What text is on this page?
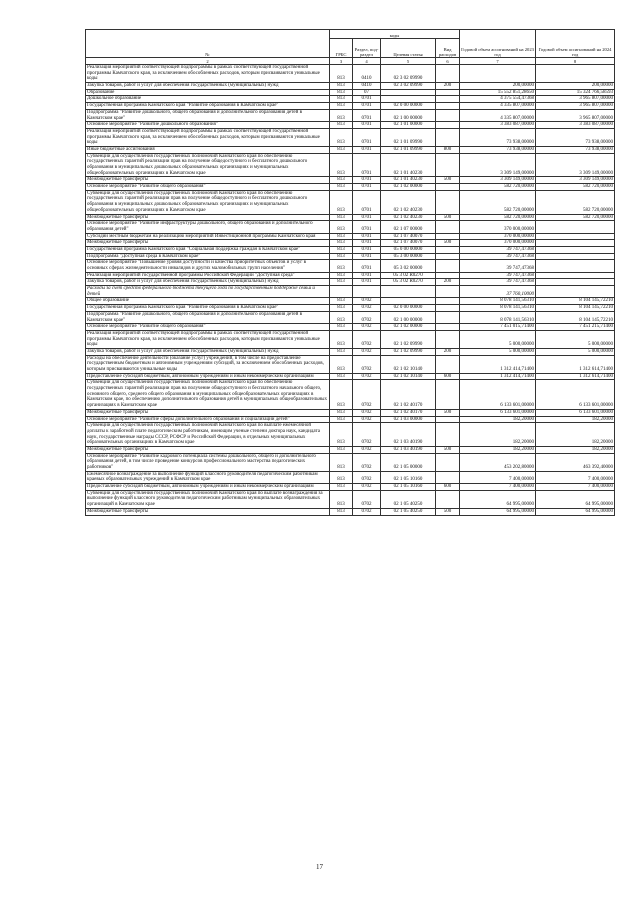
№	коды				Годовой объем ассигнований на 2023 год	Годовой объем ассигнований на 2024 год
	ГРБС	Раздел, под-раздел	Целевая статья	Вид расходов		
2	3	4	5	6	7	8
Реализация мероприятий соответствующей подпрограммы в рамках соответствующей государственной программы Камчатского края, за исключением обособленных расходов, которым присваиваются уникальные коды	813	0410	02 3 02 09990			
Закупка товаров, работ и услуг для обеспечения государственных (муниципальных) нужд	813	0410	02 3 02 09990	200	200,00000	200,00000
Образование	813	07			15 552 851,28650	15 324 766,58593
Дошкольное образование	813	0701			4 375 554,47368	3 965 807,00000
Государственная программа Камчатского края "Развитие образования в Камчатском крае"	813	0701	02 0 00 00000		4 335 807,00000	3 965 807,00000
Подпрограмма "Развитие дошкольного, общего образования и дополнительного образования детей в Камчатском крае"	813	0701	02 1 00 00000		4 335 807,00000	3 965 807,00000
Основное мероприятие "Развитие дошкольного образования"	813	0701	02 1 01 00000		3 383 087,00000	3 383 087,00000
Реализация мероприятий соответствующей подпрограммы в рамках соответствующей государственной программы Камчатского края, за исключением обособленных расходов, которым присваиваются уникальные коды	813	0701	02 1 01 09990		73 938,00000	73 938,00000
Иные бюджетные ассигнования	813	0701	02 1 01 09990	800	73 938,00000	73 938,00000
Субвенции для осуществления государственных полномочий Камчатского края по обеспечению государственных гарантий реализации прав на получение общедоступного и бесплатного дошкольного образования в муниципальных дошкольных образовательных организациях и муниципальных общеобразовательных организациях в Камчатском крае	813	0701	02 1 01 40230		3 309 149,00000	3 309 149,00000
Межбюджетные трансферты	813	0701	02 1 01 40230	500	3 309 149,00000	3 309 149,00000
Основное мероприятие "Развитие общего образования"	813	0701	02 1 02 00000		582 720,00000	582 720,00000
Субвенции для осуществления государственных полномочий Камчатского края по обеспечению государственных гарантий реализации прав на получение общедоступного и бесплатного дошкольного образования в муниципальных дошкольных образовательных организациях и муниципальных общеобразовательных организациях в Камчатском крае	813	0701	02 1 02 40230		582 720,00000	582 720,00000
Межбюджетные трансферты	813	0701	02 1 02 40230	500	582 720,00000	582 720,00000
Основное мероприятие "Развитие инфраструктуры дошкольного, общего образования и дополнительного образования детей"	813	0701	02 1 07 00000		370 000,00000	
Субсидии местным бюджетам на реализацию мероприятий Инвестиционной программы Камчатского края	813	0701	02 1 07 40070		370 000,00000	
Межбюджетные трансферты	813	0701	02 1 07 40070	500	370 000,00000	
Государственная программа Камчатского края "Социальная поддержка граждан в Камчатском крае"	813	0701	05 0 00 00000		39 747,47368	
Подпрограмма "Доступная среда в Камчатском крае"	813	0701	05 3 00 00000		39 747,47368	
Основное мероприятие "Повышение уровня доступности и качества приоритетных объектов и услуг в основных сферах жизнедеятельности инвалидов и других маломобильных групп населения"	813	0701	05 3 02 00000		39 747,47368	
Реализация мероприятий государственной программы Российской Федерации "Доступная среда"	813	0701	05 3 02 R0270		39 747,47368	
Закупка товаров, работ и услуг для обеспечения государственных (муниципальных) нужд	813	0701	05 3 02 R0270	200	39 747,47368	
Расходы за счет средств федерального бюджета текущего года по государственным поддержке семьи и детей					37 760,10000	
Общее образование	813	0702			8 078 141,56310	8 104 145,72210
Государственная программа Камчатского края "Развитие образования в Камчатском крае"	813	0702	02 0 00 00000		8 078 141,56310	8 104 145,72210
Подпрограмма "Развитие дошкольного, общего образования и дополнительного образования детей в Камчатском крае"	813	0702	02 1 00 00000		8 078 141,56310	8 104 145,72210
Основное мероприятие "Развитие общего образования"	813	0702	02 1 02 00000		7 451 015,71400	7 451 215,71400
Реализация мероприятий соответствующей подпрограммы в рамках соответствующей государственной программы Камчатского края, за исключением обособленных расходов, которым присваиваются уникальные коды	813	0702	02 1 02 09990		5 000,00000	5 000,00000
Закупка товаров, работ и услуг для обеспечения государственных (муниципальных) нужд	813	0702	02 1 02 09990	200	5 000,00000	5 000,00000
Расходы на обеспечение деятельности (оказание услуг) учреждений, в том числе на предоставление государственным бюджетным и автономным учреждениям субсидий, за исключением обособленных расходов, которым присваиваются уникальные коды	813	0702	02 1 02 10140		1 312 414,71400	1 312 614,71400
Предоставление субсидий бюджетным, автономным учреждениям и иным некоммерческим организациям	813	0702	02 1 02 10140	600	1 312 414,71400	1 312 614,71400
Субвенции для осуществления государственных полномочий Камчатского края по обеспечению государственных гарантий реализации прав на получение общедоступного и бесплатного начального общего, основного общего, среднего общего образования в муниципальных общеобразовательных организациях в Камчатском крае, по обеспечению дополнительного образования детей в муниципальных общеобразовательных организациях в Камчатском крае	813	0702	02 1 02 40170		6 133 601,00000	6 133 601,00000
Межбюджетные трансферты	813	0702	02 1 02 40170	500	6 133 601,00000	6 133 601,00000
Основное мероприятие "Развитие сферы дополнительного образования и социализации детей"	813	0702	02 1 03 00000		182,20000	182,20000
Субвенции для осуществления государственных полномочий Камчатского края по выплате ежемесячной доплаты к заработной плате педагогическим работникам, имеющим ученые степени доктора наук, кандидата наук, государственные награды СССР, РСФСР и Российской Федерации, в отдельных муниципальных образовательных организациях в Камчатском крае	813	0702	02 1 03 40190		182,20000	182,20000
Межбюджетные трансферты	813	0702	02 1 03 40190	500	182,20000	182,20000
Основное мероприятие "Развитие кадрового потенциала системы дошкольного, общего и дополнительного образования детей, в том числе проведение конкурсов профессионального мастерства педагогических работников"	813	0702	02 1 05 00000		453 202,80000	463 392,40000
Ежемесячное вознаграждение за выполнение функций классного руководителя педагогическим работникам краевых образовательных учреждений в Камчатском крае	813	0702	02 1 05 10160		7 400,00000	7 400,00000
Предоставление субсидий бюджетным, автономным учреждениям и иным некоммерческим организациям	813	0702	02 1 05 10160	600	7 400,00000	7 400,00000
Субвенции для осуществления государственных полномочий Камчатского края по выплате вознаграждения за выполнение функций классного руководителя педагогическим работникам муниципальных образовательных организаций в Камчатском крае	813	0702	02 1 05 40250		64 995,00000	64 995,00000
Межбюджетные трансферты	813	0702	02 1 05 40250	500	64 995,00000	64 995,00000
17
